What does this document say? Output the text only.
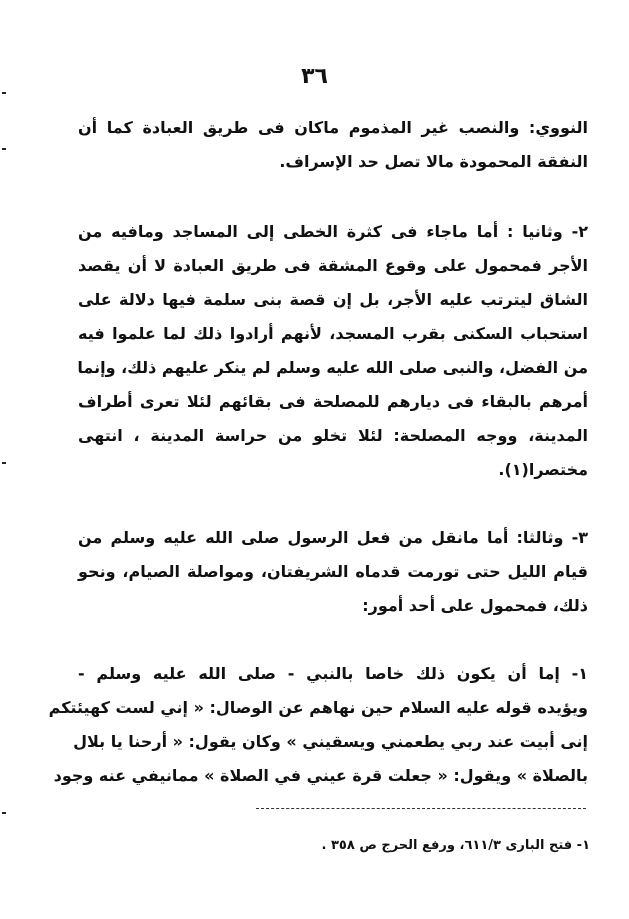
٣٦
النووي: والنصب غير المذموم ماكان فى طريق العبادة كما أن
النفقة المحمودة مالا تصل حد الإسراف.
٢- وثانيا : أما ماجاء فى كثرة الخطى إلى المساجد ومافيه من
الأجر فمحمول على وقوع المشقة فى طريق العبادة لا أن يقصد
الشاق ليترتب عليه الأجر، بل إن قصة بنى سلمة فيها دلالة على
استحباب السكنى بقرب المسجد، لأنهم أرادوا ذلك لما علموا فيه
من الفضل، والنبى صلى الله عليه وسلم لم ينكر عليهم ذلك، وإنما
أمرهم بالبقاء فى ديارهم للمصلحة فى بقائهم لئلا تعرى أطراف
المدينة، ووجه المصلحة: لئلا تخلو من حراسة المدينة ، انتهى
مختصرا(١).
٣- وثالثا: أما مانقل من فعل الرسول صلى الله عليه وسلم من
قيام الليل حتى تورمت قدماه الشريفتان، ومواصلة الصيام، ونحو
ذلك، فمحمول على أحد أمور:
١- إما أن يكون ذلك خاصا بالنبي - صلى الله عليه وسلم -
ويؤيده قوله عليه السلام حين نهاهم عن الوصال: « إني لست كهيئتكم
إنى أبيت عند ربي يطعمني ويسقيني » وكان يقول: « أرحنا يا بلال
بالصلاة » ويقول: « جعلت قرة عيني في الصلاة » ممانيفي عنه وجود
١- فتح البارى ٦١١/٣، ورفع الحرج ص ٣٥٨ .
